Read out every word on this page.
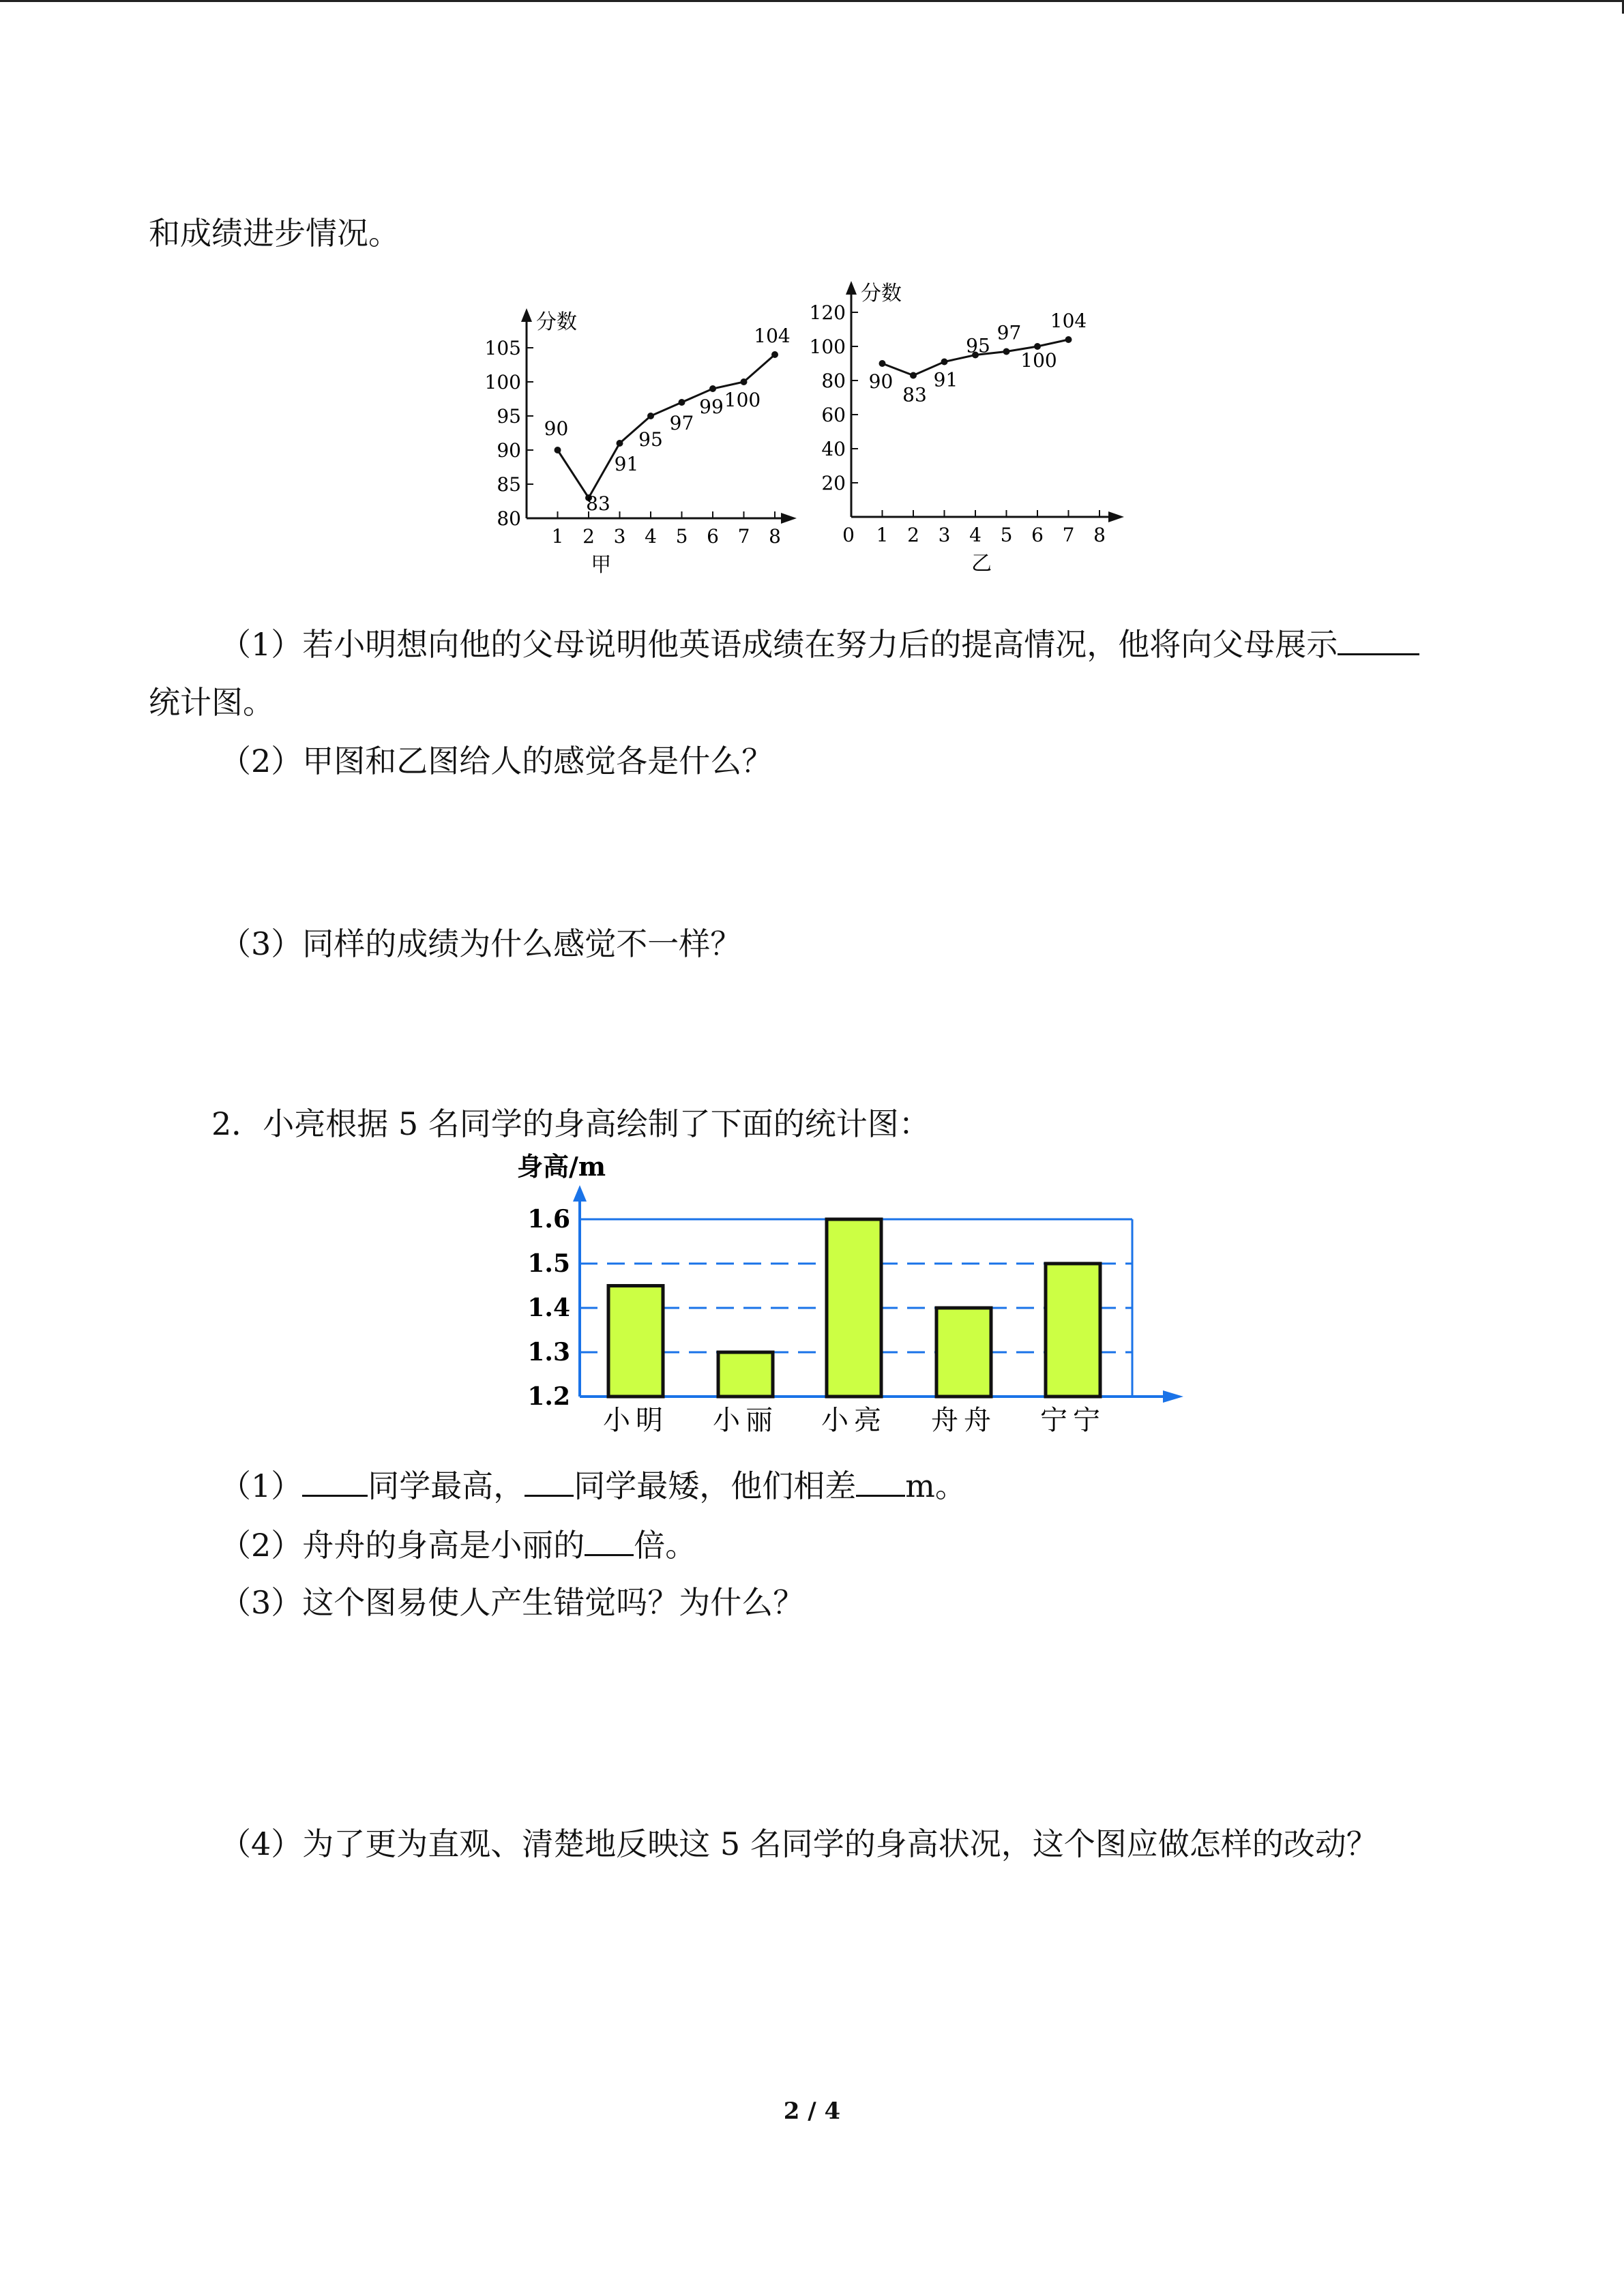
和成绩进步情况。
分数
80
85
90
95
100
105
1 2 3 4 5 6 7 8
甲
90
83
91
95
97
99 100
104
分数
20
40
60
80
100
120
0 1 2 3 4 5 6 7 8
乙
90
83
91
95
97
100
104
（1）若小明想向他的父母说明他英语成绩在努力后的提高情况，他将向父母展示
统计图。
（2）甲图和乙图给人的感觉各是什么？
（3）同样的成绩为什么感觉不一样？
2．小亮根据 5 名同学的身高绘制了下面的统计图：
身高/m
1.2
1.3
1.4
1.5
1.6
小明 小丽 小亮 舟舟 宁宁
（1） 同学最高， 同学最矮，他们相差 m。
（2）舟舟的身高是小丽的 倍。
（3）这个图易使人产生错觉吗？为什么？
（4）为了更为直观、清楚地反映这 5 名同学的身高状况，这个图应做怎样的改动？
2 / 4
